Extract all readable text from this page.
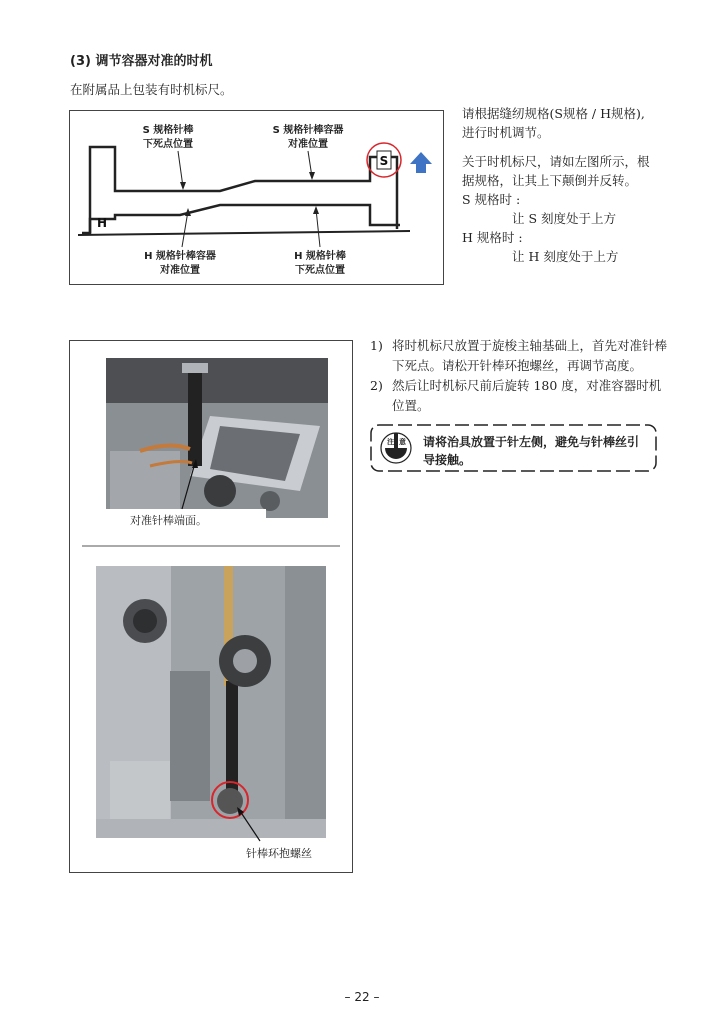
(3) 调节容器对准的时机
在附属品上包装有时机标尺。
S
H
S 规格针棒
下死点位置
S 规格针棒容器
对准位置
H 规格针棒容器
对准位置
H 规格针棒
下死点位置

请根据缝纫规格(S规格 / H规格),

进行时机调节。

关于时机标尺，请如左图所示，根

据规格，让其上下颠倒并反转。

S 规格时 :

让 S 刻度处于上方

H 规格时 :

让 H 刻度处于上方

对准针棒端面。
针棒环抱螺丝
1) 将时机标尺放置于旋梭主轴基础上，首先对准针棒下死点。请松开针棒环抱螺丝，再调节高度。
2) 然后让时机标尺前后旋转 180 度，对准容器时机位置。
注 意 请将治具放置于针左侧，避免与针棒丝引导接触。
– 22 –
